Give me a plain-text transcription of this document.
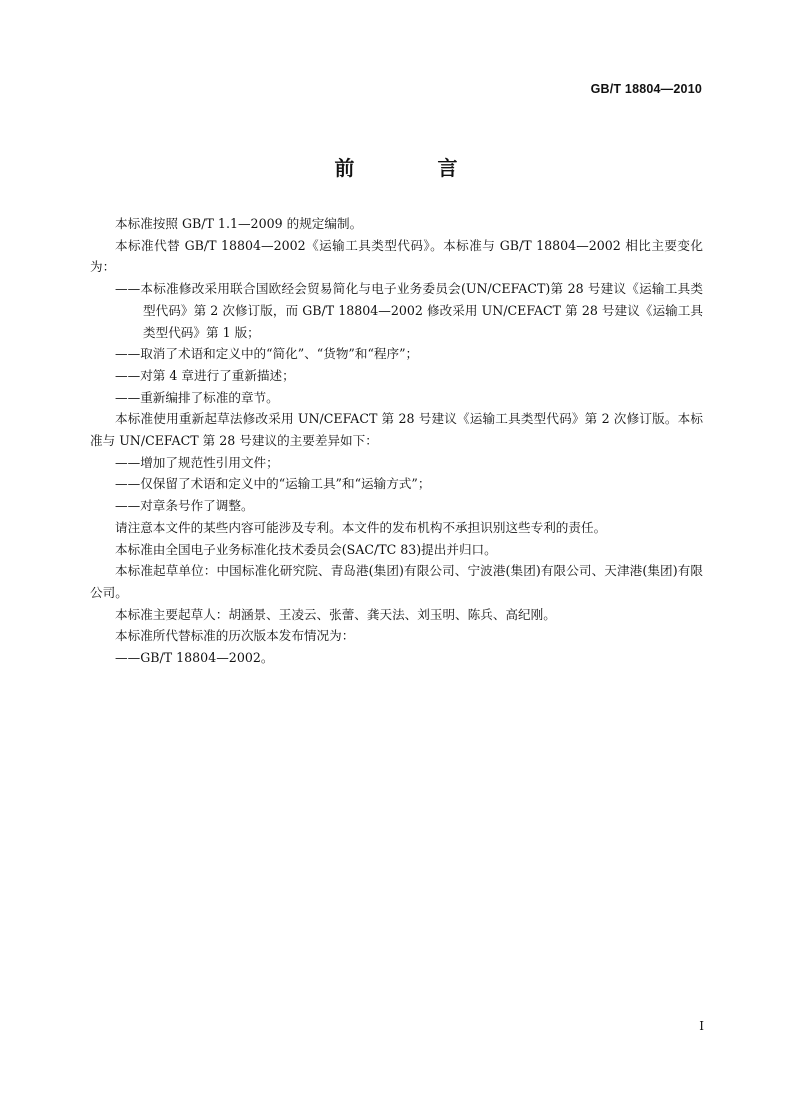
GB/T 18804—2010
前 言

本标准按照 GB/T 1.1—2009 的规定编制。

本标准代替 GB/T 18804—2002《运输工具类型代码》。本标准与 GB/T 18804—2002 相比主要变化为：

——本标准修改采用联合国欧经会贸易简化与电子业务委员会(UN/CEFACT)第 28 号建议《运输工具类型代码》第 2 次修订版，而 GB/T 18804—2002 修改采用 UN/CEFACT 第 28 号建议《运输工具类型代码》第 1 版；

——取消了术语和定义中的“简化”、“货物”和“程序”；

——对第 4 章进行了重新描述；

——重新编排了标准的章节。

本标准使用重新起草法修改采用 UN/CEFACT 第 28 号建议《运输工具类型代码》第 2 次修订版。本标准与 UN/CEFACT 第 28 号建议的主要差异如下：

——增加了规范性引用文件；

——仅保留了术语和定义中的“运输工具”和“运输方式”；

——对章条号作了调整。

请注意本文件的某些内容可能涉及专利。本文件的发布机构不承担识别这些专利的责任。

本标准由全国电子业务标准化技术委员会(SAC/TC 83)提出并归口。

本标准起草单位：中国标准化研究院、青岛港(集团)有限公司、宁波港(集团)有限公司、天津港(集团)有限公司。

本标准主要起草人：胡涵景、王凌云、张蕾、龚天法、刘玉明、陈兵、高纪刚。

本标准所代替标准的历次版本发布情况为：

——GB/T 18804—2002。

I
